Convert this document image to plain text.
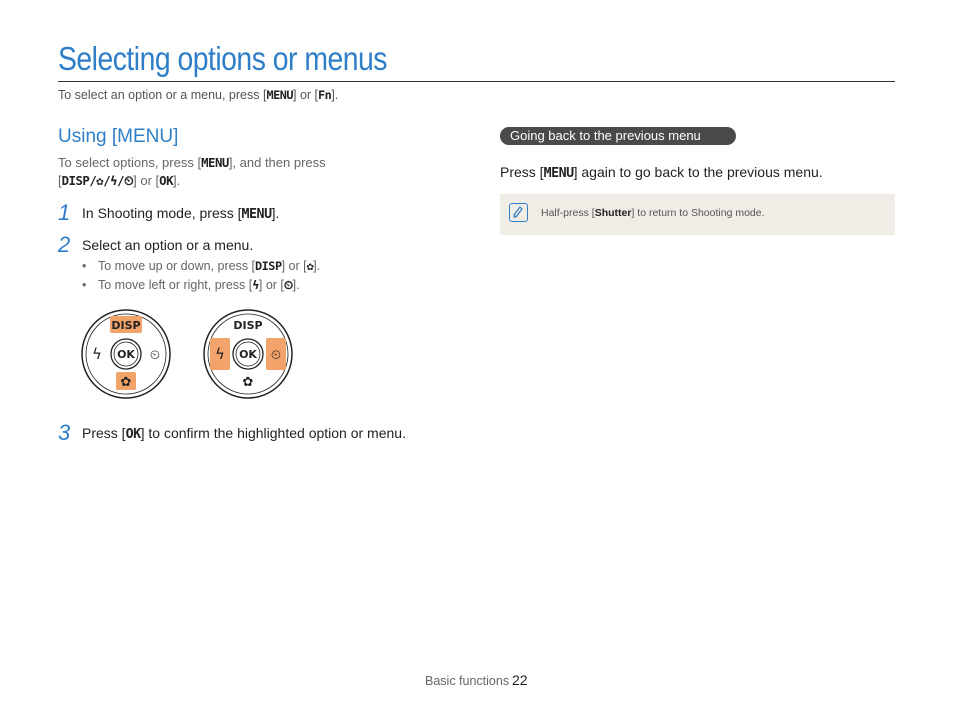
Selecting options or menus
To select an option or a menu, press [MENU] or [Fn].
Using [MENU]
To select options, press [MENU], and then press
[DISP/✿/ϟ/⏲] or [OK].
1 In Shooting mode, press [MENU].
2 Select an option or a menu.
• To move up or down, press [DISP] or [✿].
• To move left or right, press [ϟ] or [⏲].
DISP
✿
ϟ	⏲
OK
DISP
✿
ϟ	⏲
OK
3 Press [OK] to confirm the highlighted option or menu.
Going back to the previous menu
Press [MENU] again to go back to the previous menu.
Half-press [Shutter] to return to Shooting mode.
Basic functions 22
